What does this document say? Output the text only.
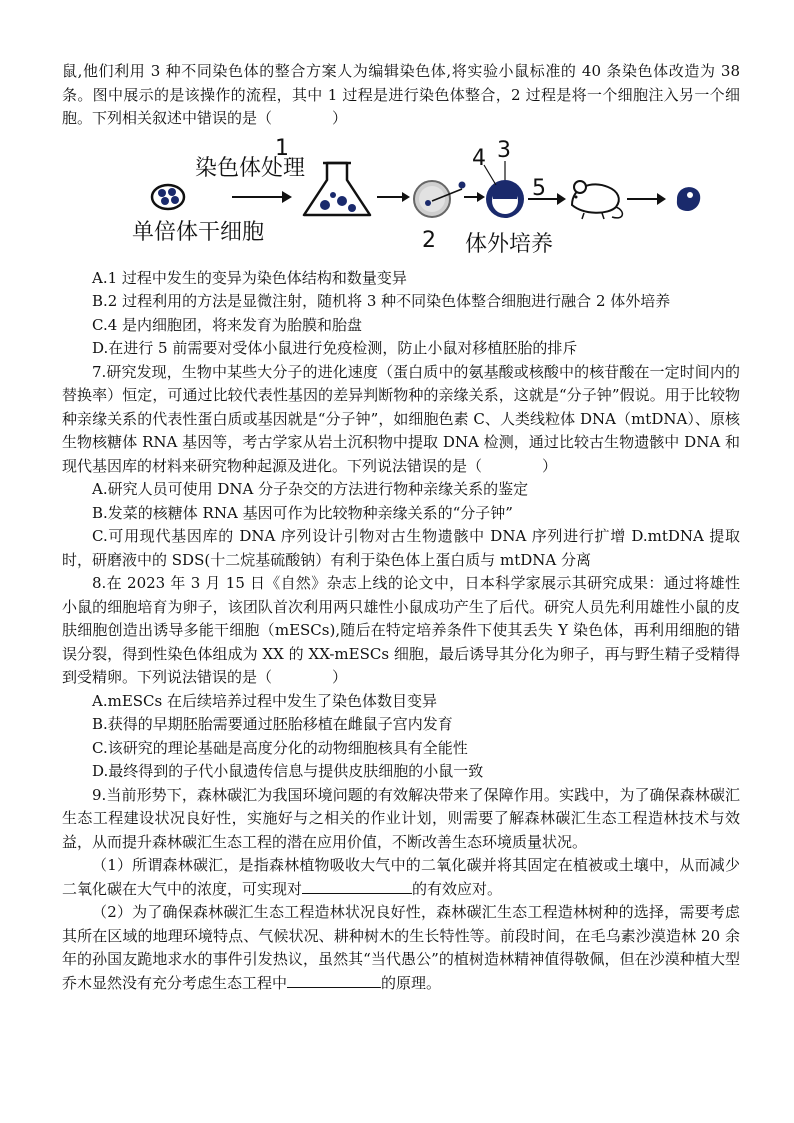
鼠,他们利用 3 种不同染色体的整合方案人为编辑染色体,将实验小鼠标准的 40 条染色体改造为 38 条。图中展示的是该操作的流程，其中 1 过程是进行染色体整合，2 过程是将一个细胞注入另一个细胞。下列相关叙述中错误的是（　　　　）

染色体处理
1
单倍体干细胞	2
4 3
5
体外培养

A.1 过程中发生的变异为染色体结构和数量变异

B.2 过程利用的方法是显微注射，随机将 3 种不同染色体整合细胞进行融合 2 体外培养

C.4 是内细胞团，将来发育为胎膜和胎盘

D.在进行 5 前需要对受体小鼠进行免疫检测，防止小鼠对移植胚胎的排斥

7.研究发现，生物中某些大分子的进化速度（蛋白质中的氨基酸或核酸中的核苷酸在一定时间内的替换率）恒定，可通过比较代表性基因的差异判断物种的亲缘关系，这就是“分子钟”假说。用于比较物种亲缘关系的代表性蛋白质或基因就是“分子钟”，如细胞色素 C、人类线粒体 DNA（mtDNA）、原核生物核糖体 RNA 基因等，考古学家从岩土沉积物中提取 DNA 检测，通过比较古生物遗骸中 DNA 和现代基因库的材料来研究物种起源及进化。下列说法错误的是（　　　　）

A.研究人员可使用 DNA 分子杂交的方法进行物种亲缘关系的鉴定

B.发菜的核糖体 RNA 基因可作为比较物种亲缘关系的“分子钟”

C.可用现代基因库的 DNA 序列设计引物对古生物遗骸中 DNA 序列进行扩增 D.mtDNA 提取时，研磨液中的 SDS(十二烷基硫酸钠）有利于染色体上蛋白质与 mtDNA 分离

8.在 2023 年 3 月 15 日《自然》杂志上线的论文中，日本科学家展示其研究成果：通过将雄性小鼠的细胞培育为卵子，该团队首次利用两只雄性小鼠成功产生了后代。研究人员先利用雄性小鼠的皮肤细胞创造出诱导多能干细胞（mESCs),随后在特定培养条件下使其丢失 Y 染色体，再利用细胞的错误分裂，得到性染色体组成为 XX 的 XX-mESCs 细胞，最后诱导其分化为卵子，再与野生精子受精得到受精卵。下列说法错误的是（　　　　）

A.mESCs 在后续培养过程中发生了染色体数目变异

B.获得的早期胚胎需要通过胚胎移植在雌鼠子宫内发育

C.该研究的理论基础是高度分化的动物细胞核具有全能性

D.最终得到的子代小鼠遗传信息与提供皮肤细胞的小鼠一致

9.当前形势下，森林碳汇为我国环境问题的有效解决带来了保障作用。实践中，为了确保森林碳汇生态工程建设状况良好性，实施好与之相关的作业计划，则需要了解森林碳汇生态工程造林技术与效益，从而提升森林碳汇生态工程的潜在应用价值，不断改善生态环境质量状况。

（1）所谓森林碳汇，是指森林植物吸收大气中的二氧化碳并将其固定在植被或土壤中，从而减少二氧化碳在大气中的浓度，可实现对	的有效应对。

（2）为了确保森林碳汇生态工程造林状况良好性，森林碳汇生态工程造林树种的选择，需要考虑其所在区域的地理环境特点、气候状况、耕种树木的生长特性等。前段时间，在毛乌素沙漠造林 20 余年的孙国友跪地求水的事件引发热议，虽然其“当代愚公”的植树造林精神值得敬佩，但在沙漠种植大型乔木显然没有充分考虑生态工程中	的原理。
